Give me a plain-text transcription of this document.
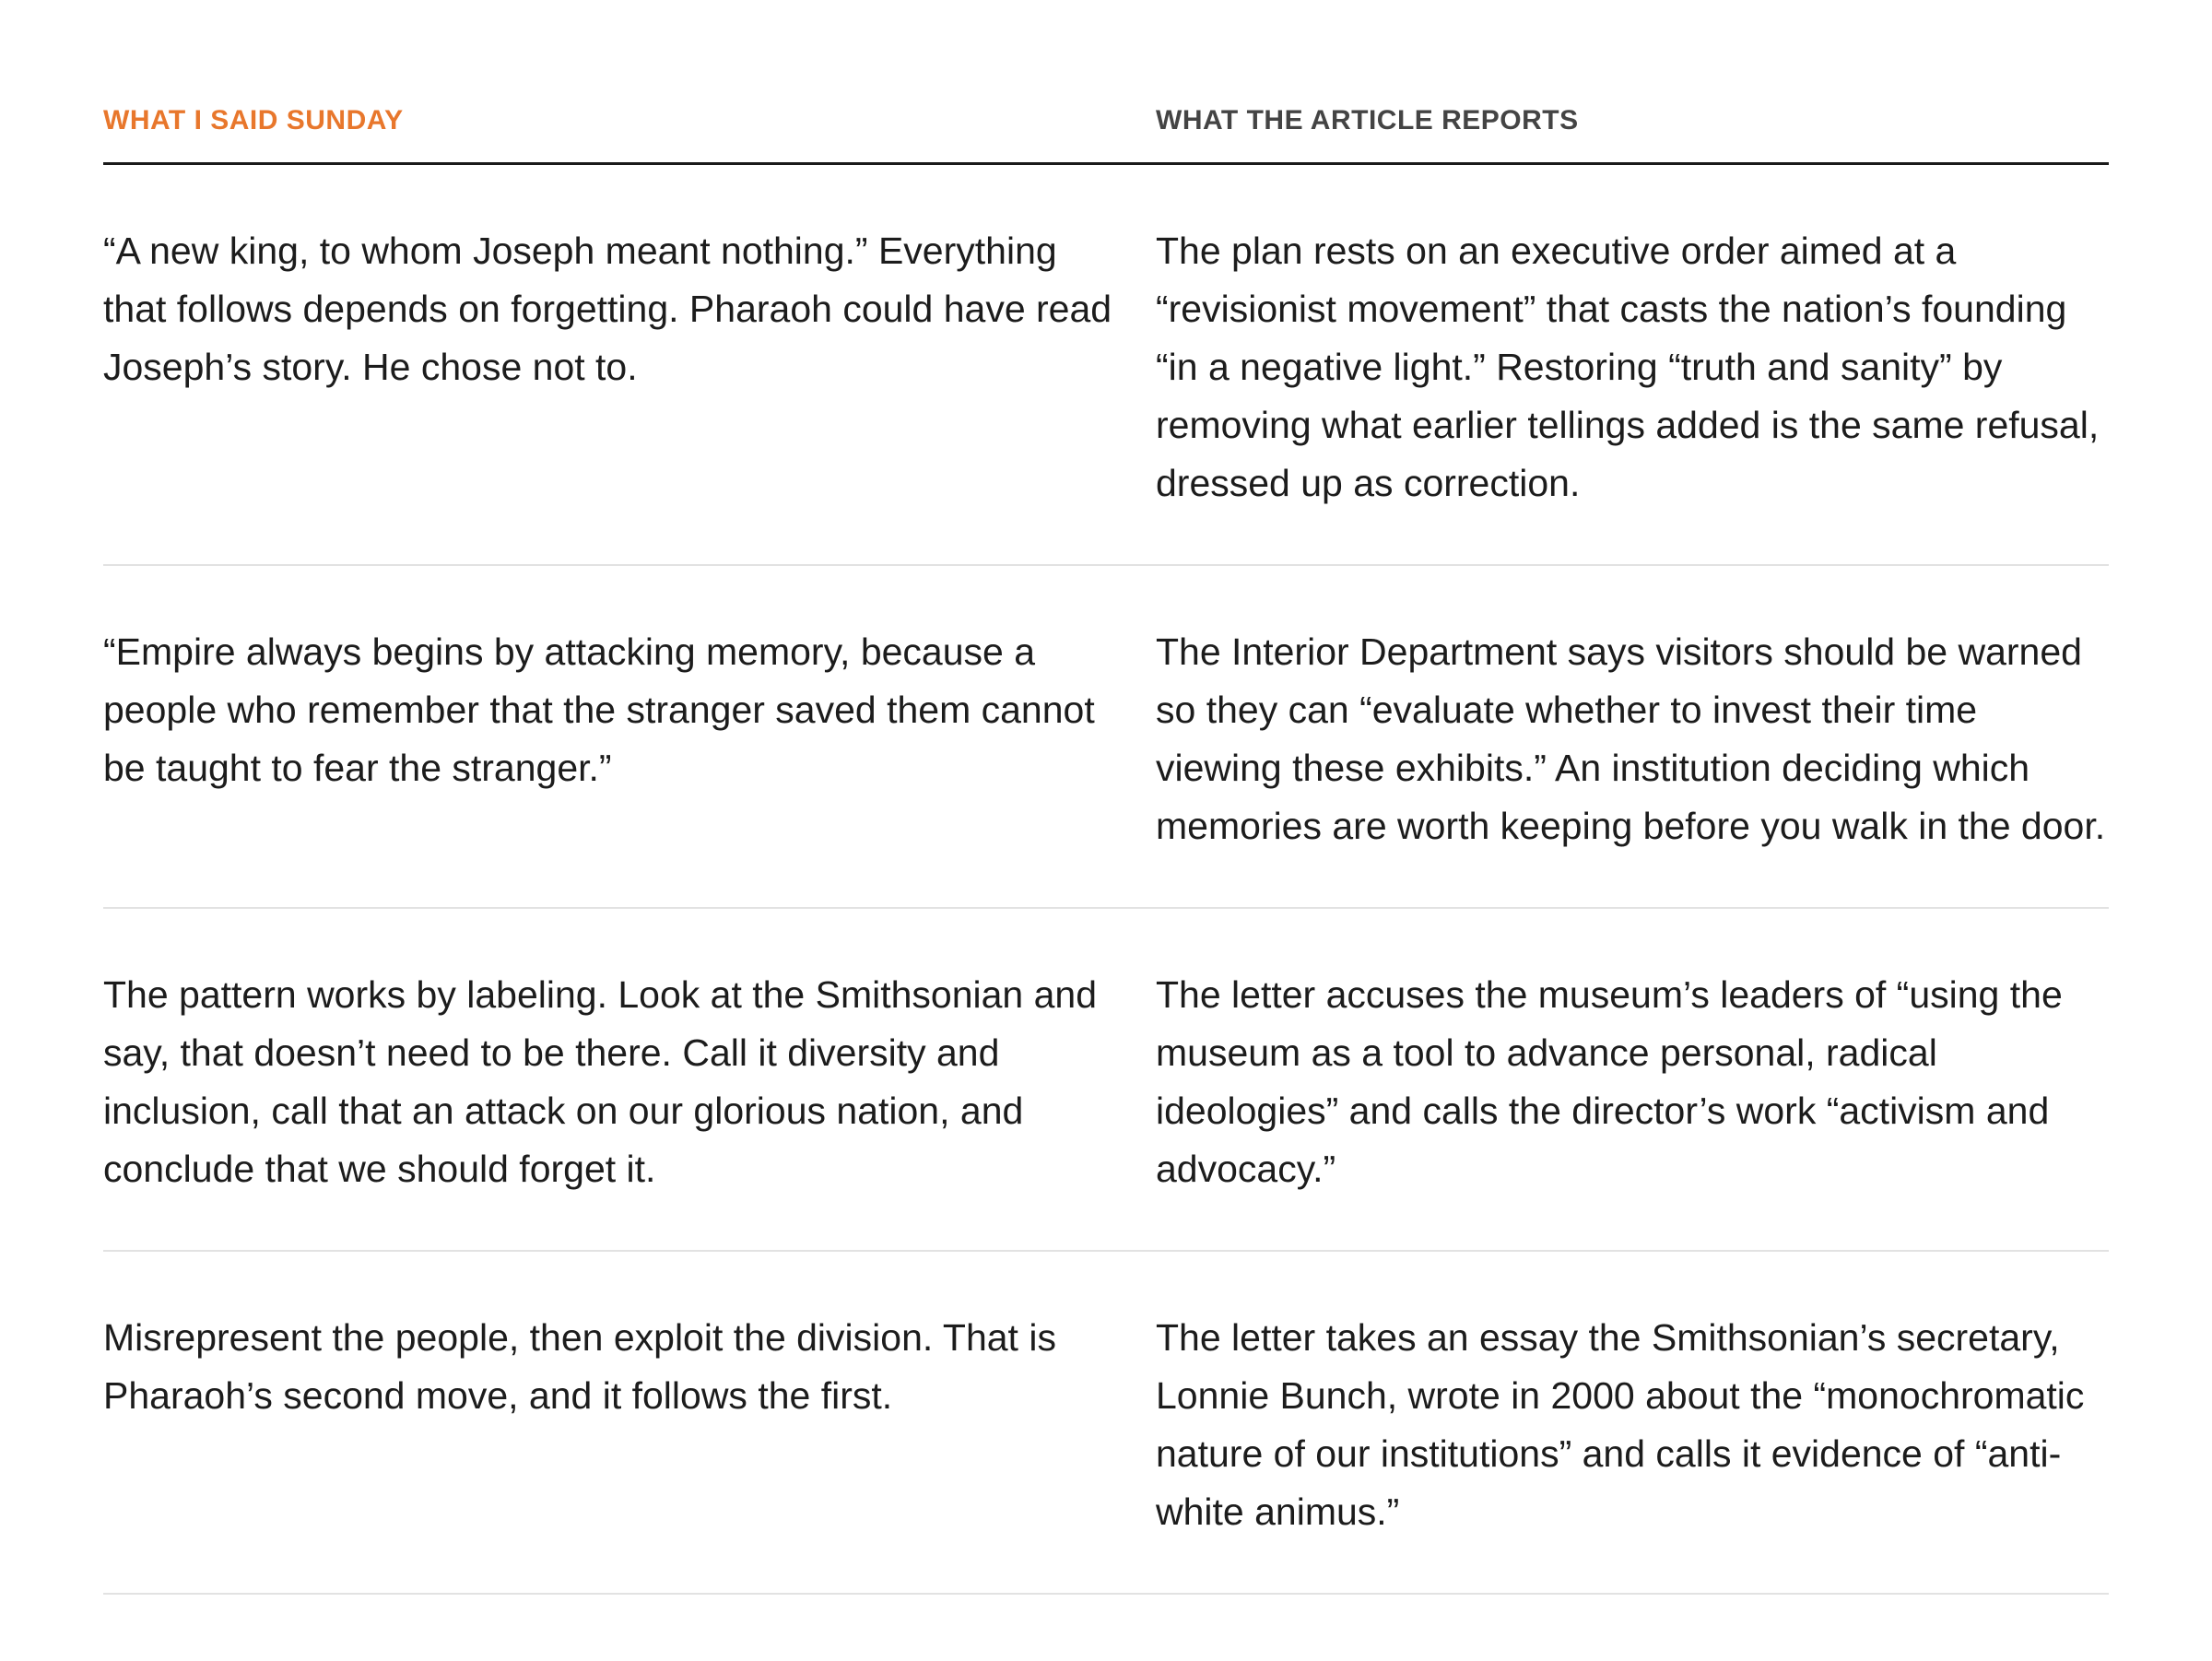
WHAT I SAID SUNDAY	WHAT THE ARTICLE REPORTS
“A new king, to whom Joseph meant nothing.” Everything that follows depends on forgetting. Pharaoh could have read Joseph’s story. He chose not to.
The plan rests on an executive order aimed at a “revisionist movement” that casts the nation’s founding “in a negative light.” Restoring “truth and sanity” by removing what earlier tellings added is the same refusal, dressed up as correction.
“Empire always begins by attacking memory, because a people who remember that the stranger saved them cannot be taught to fear the stranger.”
The Interior Department says visitors should be warned so they can “evaluate whether to invest their time viewing these exhibits.” An institution deciding which memories are worth keeping before you walk in the door.
The pattern works by labeling. Look at the Smithsonian and say, that doesn’t need to be there. Call it diversity and inclusion, call that an attack on our glorious nation, and conclude that we should forget it.
The letter accuses the museum’s leaders of “using the museum as a tool to advance personal, radical ideologies” and calls the director’s work “activism and advocacy.”
Misrepresent the people, then exploit the division. That is Pharaoh’s second move, and it follows the first.
The letter takes an essay the Smithsonian’s secretary, Lonnie Bunch, wrote in 2000 about the “monochromatic nature of our institutions” and calls it evidence of “anti-white animus.”
